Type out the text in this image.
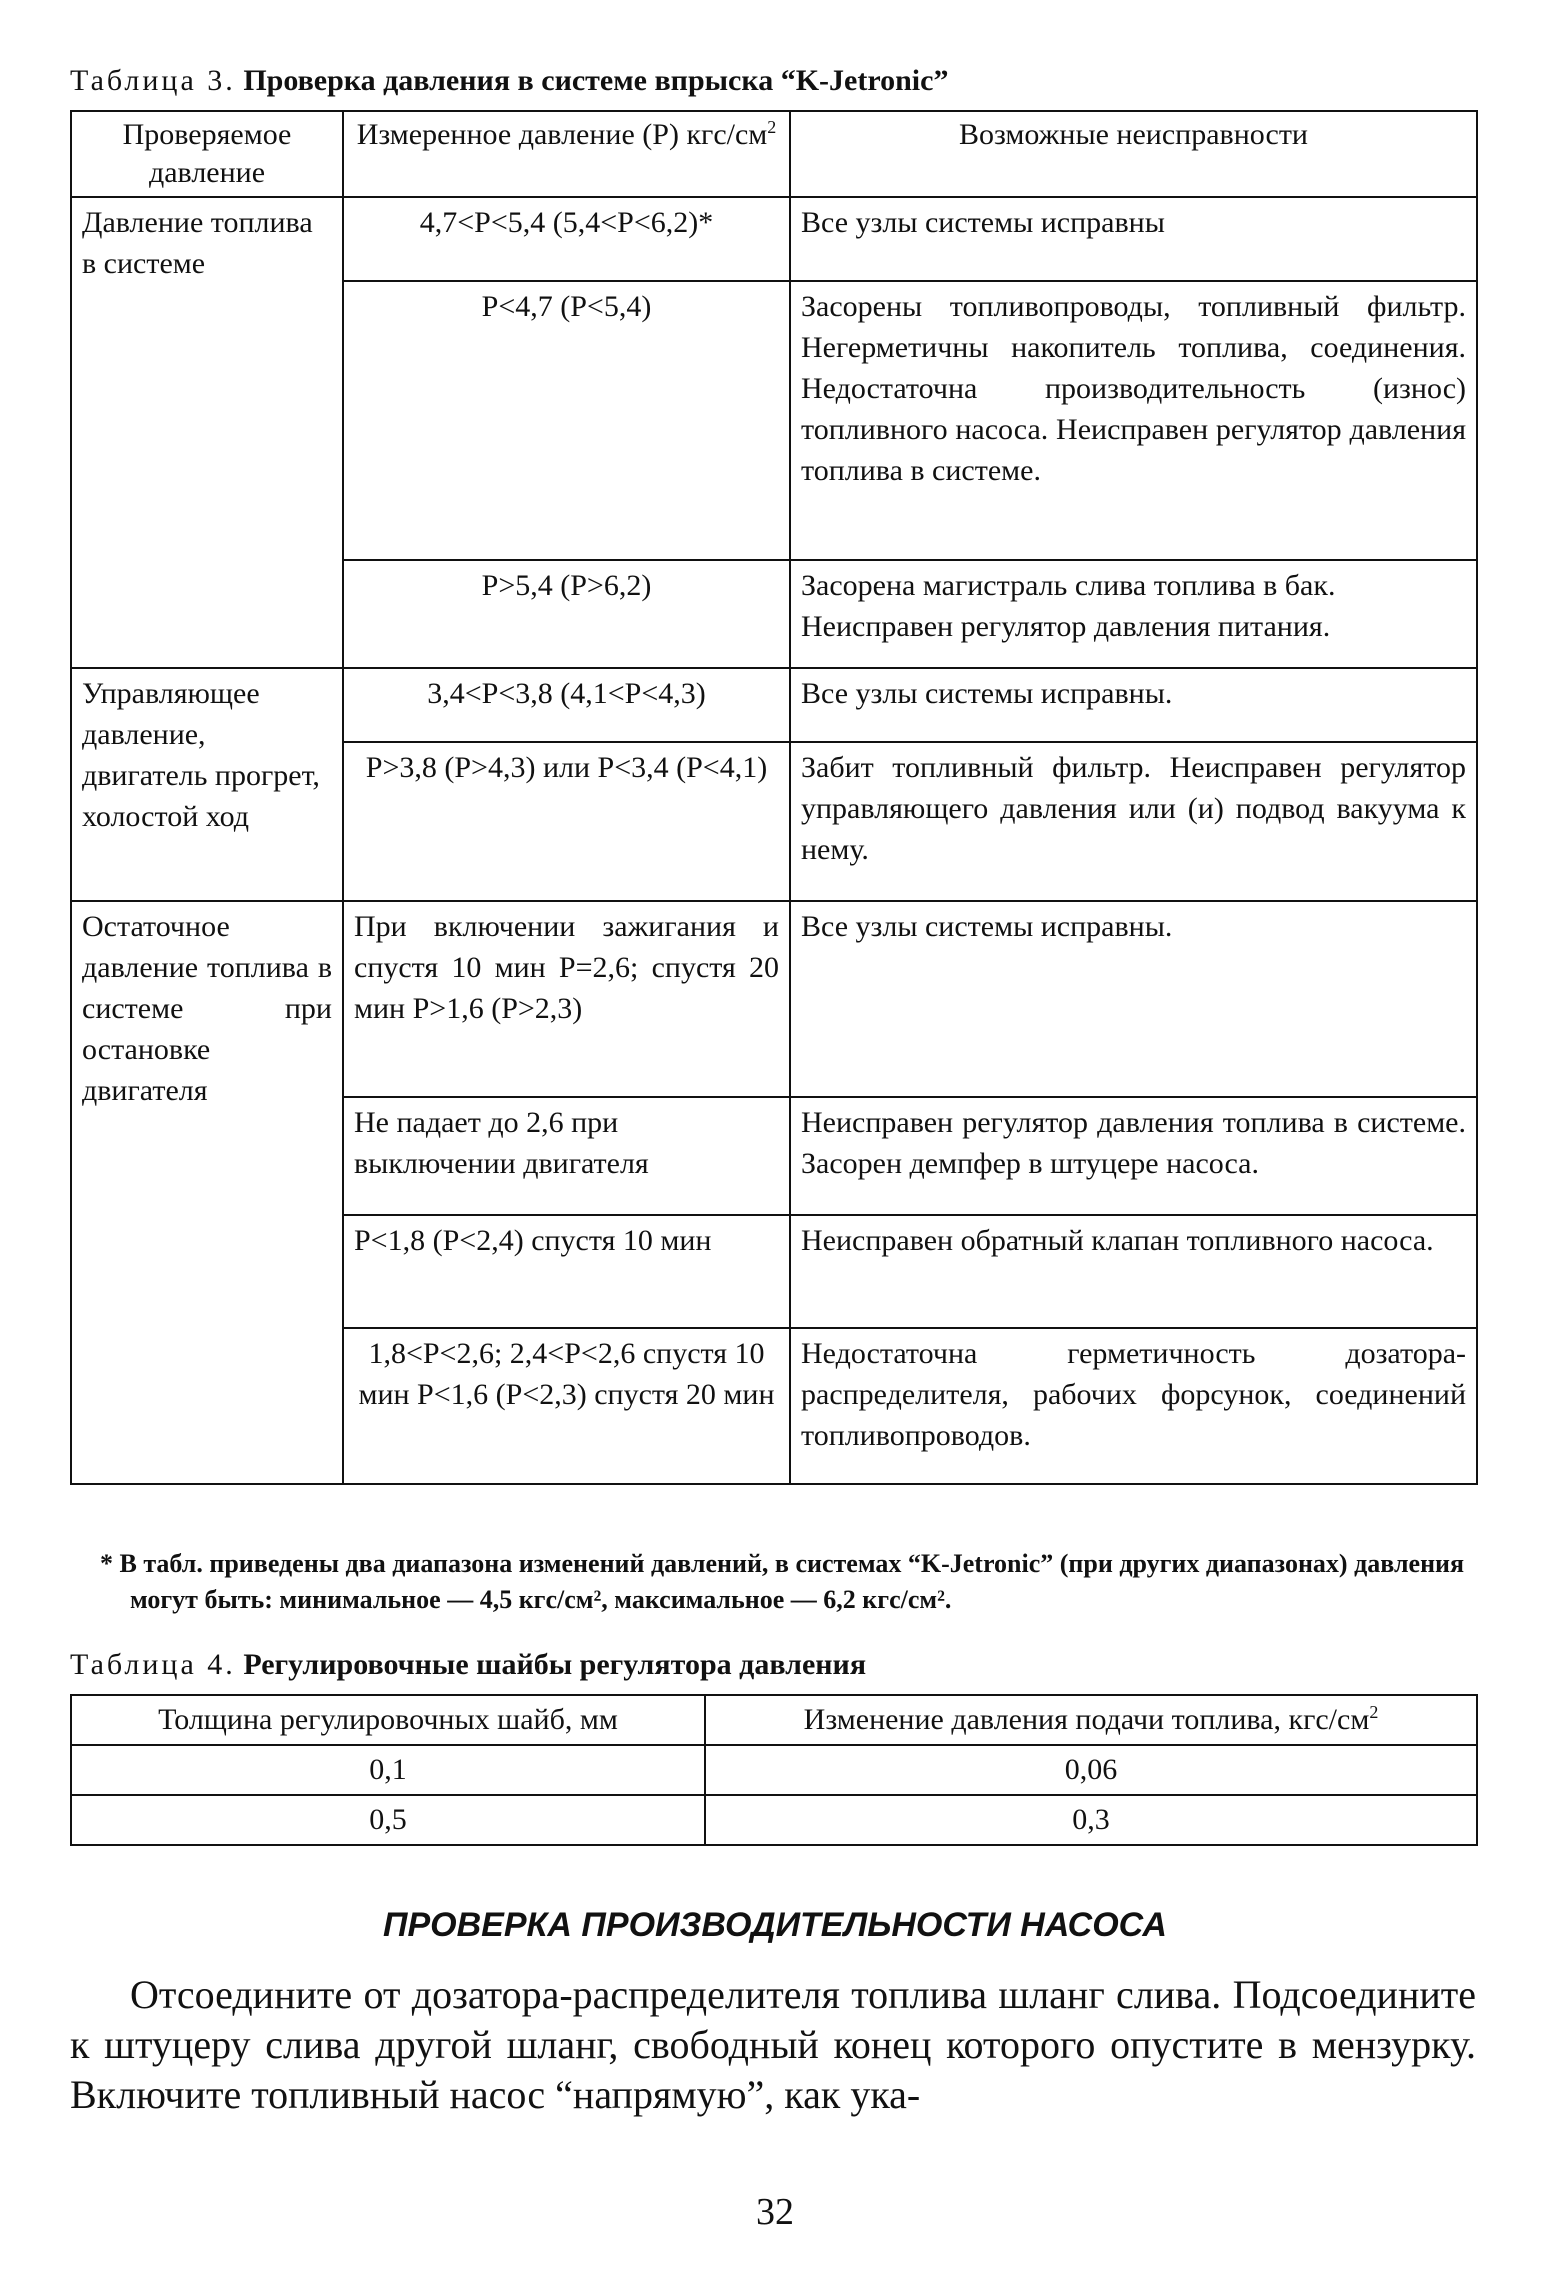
Таблица 3. Проверка давления в системе впрыска “K-Jetronic”
Проверяемое давление	Измеренное давление (Р) кгс/$см^2$	Возможные неисправности
Давление топлива в системе	4,7<Р<5,4 (5,4<Р<6,2)*	Все узлы системы исправны
	Р<4,7 (Р<5,4)	Засорены топливопроводы, топливный фильтр. Негерметичны накопитель топлива, соединения. Недостаточна производительность (износ) топливного насоса. Неисправен регулятор давления топлива в системе.
	Р>5,4 (Р>6,2)	Засорена магистраль слива топлива в бак. Неисправен регулятор давления питания.
Управляющее давление, двигатель прогрет, холостой ход	3,4<Р<3,8 (4,1<Р<4,3)	Все узлы системы исправны.
	Р>3,8 (Р>4,3) или Р<3,4 (Р<4,1)	Забит топливный фильтр. Неисправен регулятор управляющего давления или (и) подвод вакуума к нему.
Остаточное давление топлива в системе при остановке двигателя	При включении зажигания и спустя 10 мин Р=2,6; спустя 20 мин Р>1,6 (Р>2,3)	Все узлы системы исправны.
	Не падает до 2,6 при выключении двигателя	Неисправен регулятор давления топлива в системе. Засорен демпфер в штуцере насоса.
	Р<1,8 (Р<2,4) спустя 10 мин	Неисправен обратный клапан топливного насоса.
	1,8<Р<2,6; 2,4<Р<2,6 спустя 10 мин Р<1,6 (Р<2,3) спустя 20 мин	Недостаточна герметичность дозатора-распределителя, рабочих форсунок, соединений топливопроводов.
* В табл. приведены два диапазона изменений давлений, в системах “K-Jetronic” (при других диапазонах) давления могут быть: минимальное — 4,5 кгс/см², максимальное — 6,2 кгс/см².
Таблица 4. Регулировочные шайбы регулятора давления
Толщина регулировочных шайб, мм	Изменение давления подачи топлива, кгс/$см^2$
0,1	0,06
0,5	0,3
ПРОВЕРКА ПРОИЗВОДИТЕЛЬНОСТИ НАСОСА
Отсоедините от дозатора-распределителя топлива шланг слива. Подсоедините к штуцеру слива другой шланг, свободный конец которого опустите в мензурку. Включите топливный насос “напрямую”, как ука-
32
